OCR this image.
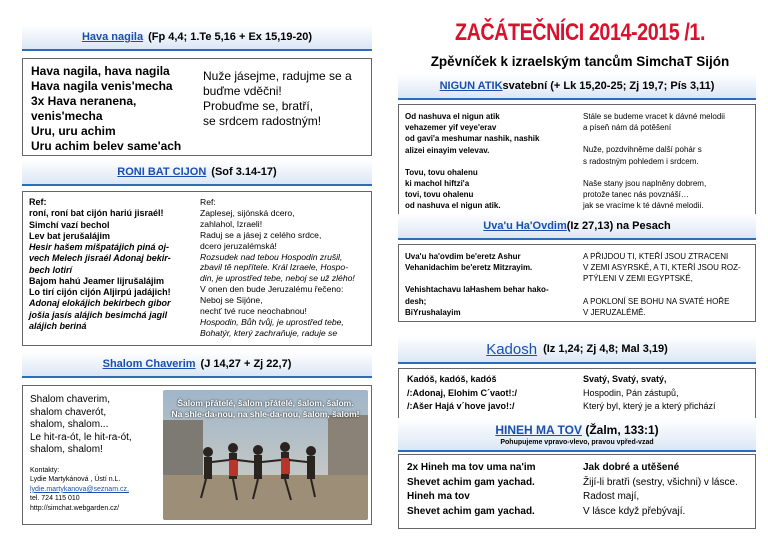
Hava nagila (Fp 4,4; 1.Te 5,16 + Ex 15,19-20)
Hava nagila, hava nagila
Hava nagila venis'mecha
3x Hava neranena,
venis'mecha
Uru, uru achim
Uru achim belev same'ach
Nuže jásejme, radujme se a
buďme vděčni!
Probuďme se, bratří,
se srdcem radostným!
RONI BAT CIJON (Sof 3.14-17)
Ref:
roní, roní bat cijón hariú jisraél!
Simchí vazí bechol
Lev bat jerušalájim
Hesir hašem mišpatájich piná oj-
vech Melech jisraél Adonaj bekir-
bech lotirí
Bajom hahú Jeamer lijrušalájim
Lo tirí cijón cijón Aljirpú jadájich!
Adonaj elokájich bekirbech gibor
jošia jasís alájich besimchá jagil
alájich beriná
Ref:
Zaplesej, sijónská dcero,
zahlahol, Izraeli!
Raduj se a jásej z celého srdce,
dcero jeruzalémská!
Rozsudek nad tebou Hospodin zrušil,
zbavil tě nepřítele. Král Izraele, Hospo-
din, je uprostřed tebe, neboj se už zlého!
V onen den bude Jeruzalému řečeno:
Neboj se Sijóne,
nechť tvé ruce neochabnou!
Hospodin, Bůh tvůj, je uprostřed tebe,
Bohatýr, který zachraňuje, raduje se
Shalom Chaverim (J 14,27 + Zj 22,7)
Shalom chaverim,
shalom chaverót,
shalom, shalom...
Le hit-ra-ót, le hit-ra-ót,
shalom, shalom!
Kontakty:
Lydie Martykánová , Ústí n.L.
lydie.martykanova@seznam.cz,
tel. 724 115 010
http://simchat.webgarden.cz/
Šalom přátelé, šalom přátelé, šalom, šalom.
Na shle-da-nou, na shle-da-nou, šalom, šalom!
ZAČÁTEČNÍCI 2014-2015 /1.
Zpěvníček k izraelským tancům SimchaT Sijón
NIGUN ATIK svatební (+ Lk 15,20-25; Zj 19,7; Pís 3,11)
Od nashuva el nigun atik
vehazemer yif veye'erav
od gavi'a meshumar nashik, nashik
alizei einayim velevav.
Tovu, tovu ohalenu
ki machol hiftzi'a
tovi, tovu ohalenu
od nashuva el nigun atik.
Stále se budeme vracet k dávné melodii
a píseň nám dá potěšení
Nuže, pozdvihněme další pohár s
s radostným pohledem i srdcem.
Naše stany jsou naplněny dobrem,
protože tanec nás povznáší…
jak se vracíme k té dávné melodii.
Uva'u Ha'Ovdim (Iz 27,13) na Pesach
Uva'u ha'ovdim be'eretz Ashur
Vehanidachim be'eretz Mitzrayim.
Vehishtachavu laHashem behar hako-
desh;
BiYrushalayim
A PŘIJDOU TI, KTEŘÍ JSOU ZTRACENI
V ZEMI ASYRSKÉ, A TI, KTEŘÍ JSOU ROZ-
PTÝLENI V ZEMI EGYPTSKÉ,
A POKLONÍ SE BOHU NA SVATÉ HOŘE
V JERUZALÉMĚ.
Kadosh (Iz 1,24; Zj 4,8; Mal 3,19)
Kadóš, kadóš, kadóš
/:Adonaj, Elohim C´vaot!:/
/:Ašer Hajá v´hove javo!:/
Svatý, Svatý, svatý,
Hospodin, Pán zástupů,
Který byl, který je a který přichází
HINEH MA TOV (Žalm, 133:1)
Pohupujeme vpravo-vlevo, pravou vpřed-vzad
2x Hineh ma tov uma na'im
Shevet achim gam yachad.
Hineh ma tov
Shevet achim gam yachad.
Jak dobré a utěšené
Žijí-li bratři (sestry, všichni) v lásce.
Radost mají,
V lásce když přebývají.
